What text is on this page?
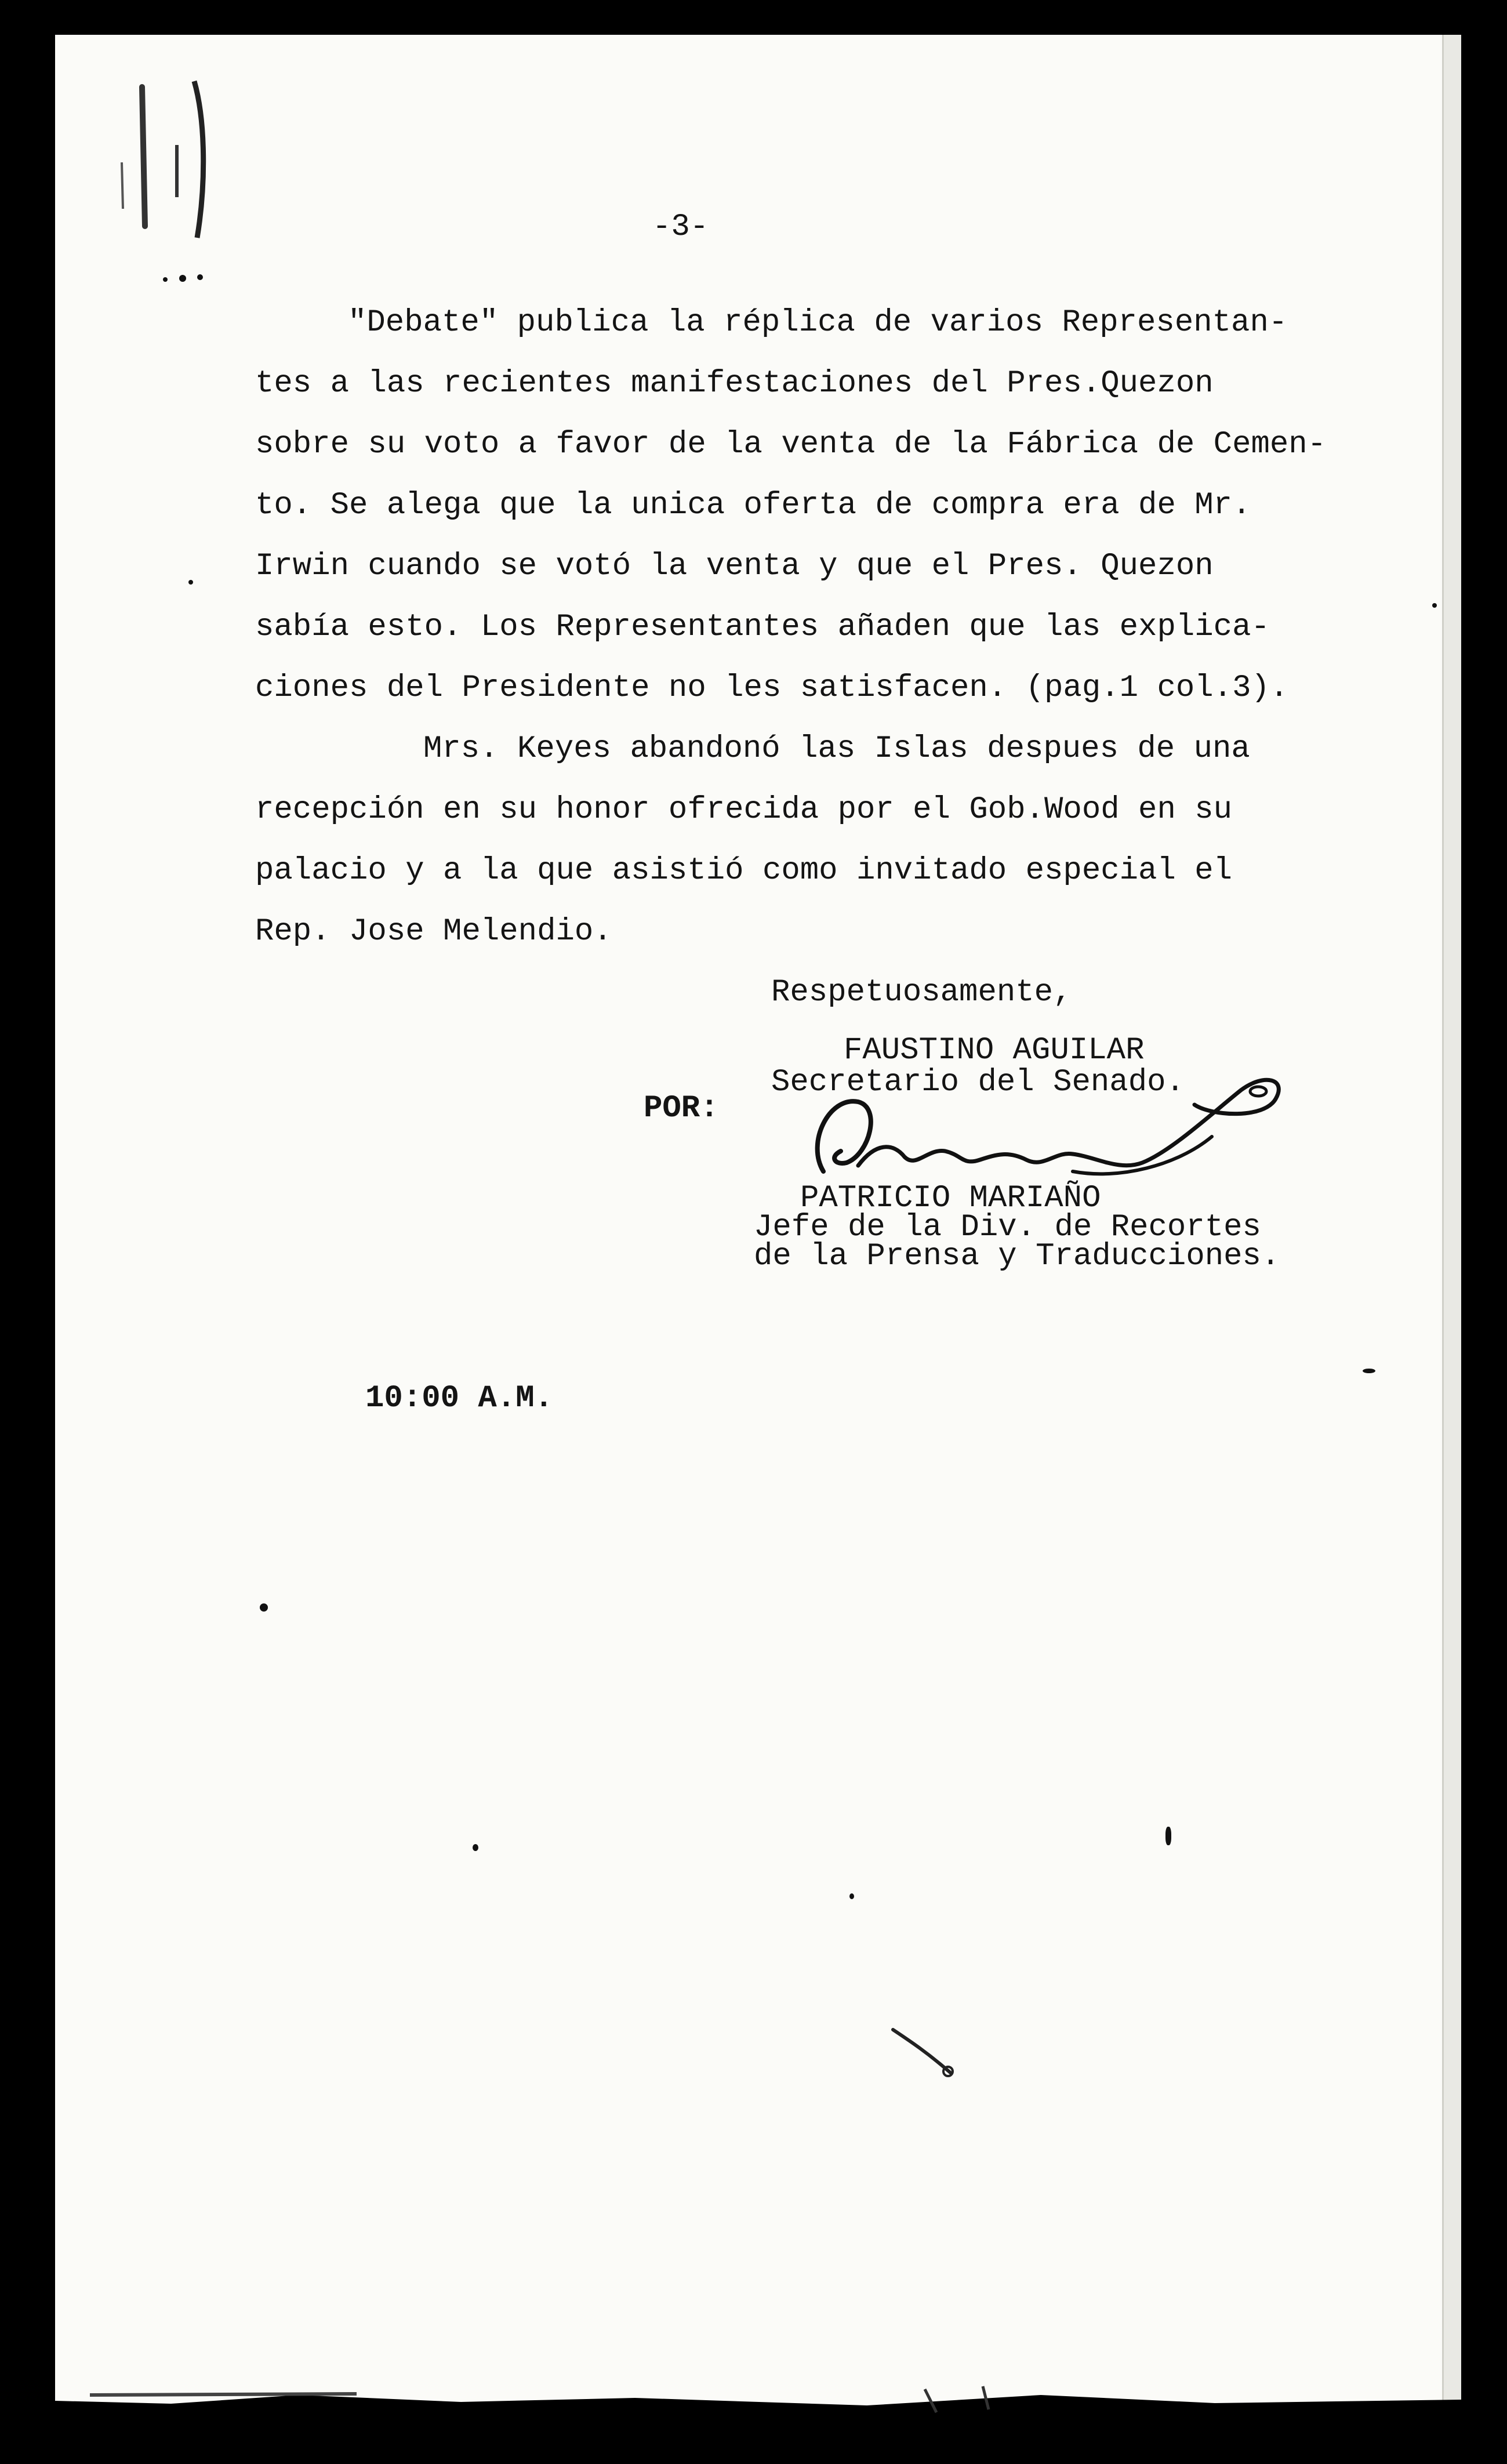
-3-
"Debate" publica la réplica de varios Representan-
tes a las recientes manifestaciones del Pres.Quezon
sobre su voto a favor de la venta de la Fábrica de Cemen-
to. Se alega que la unica oferta de compra era de Mr.
Irwin cuando se votó la venta y que el Pres. Quezon
sabía esto. Los Representantes añaden que las explica-
ciones del Presidente no les satisfacen. (pag.1 col.3).
Mrs. Keyes abandonó las Islas despues de una
recepción en su honor ofrecida por el Gob.Wood en su
palacio y a la que asistió como invitado especial el
Rep. Jose Melendio.
Respetuosamente,
FAUSTINO AGUILAR
Secretario del Senado.
POR:
PATRICIO MARIAÑO
Jefe de la Div. de Recortes
de la Prensa y Traducciones.
10:00 A.M.
